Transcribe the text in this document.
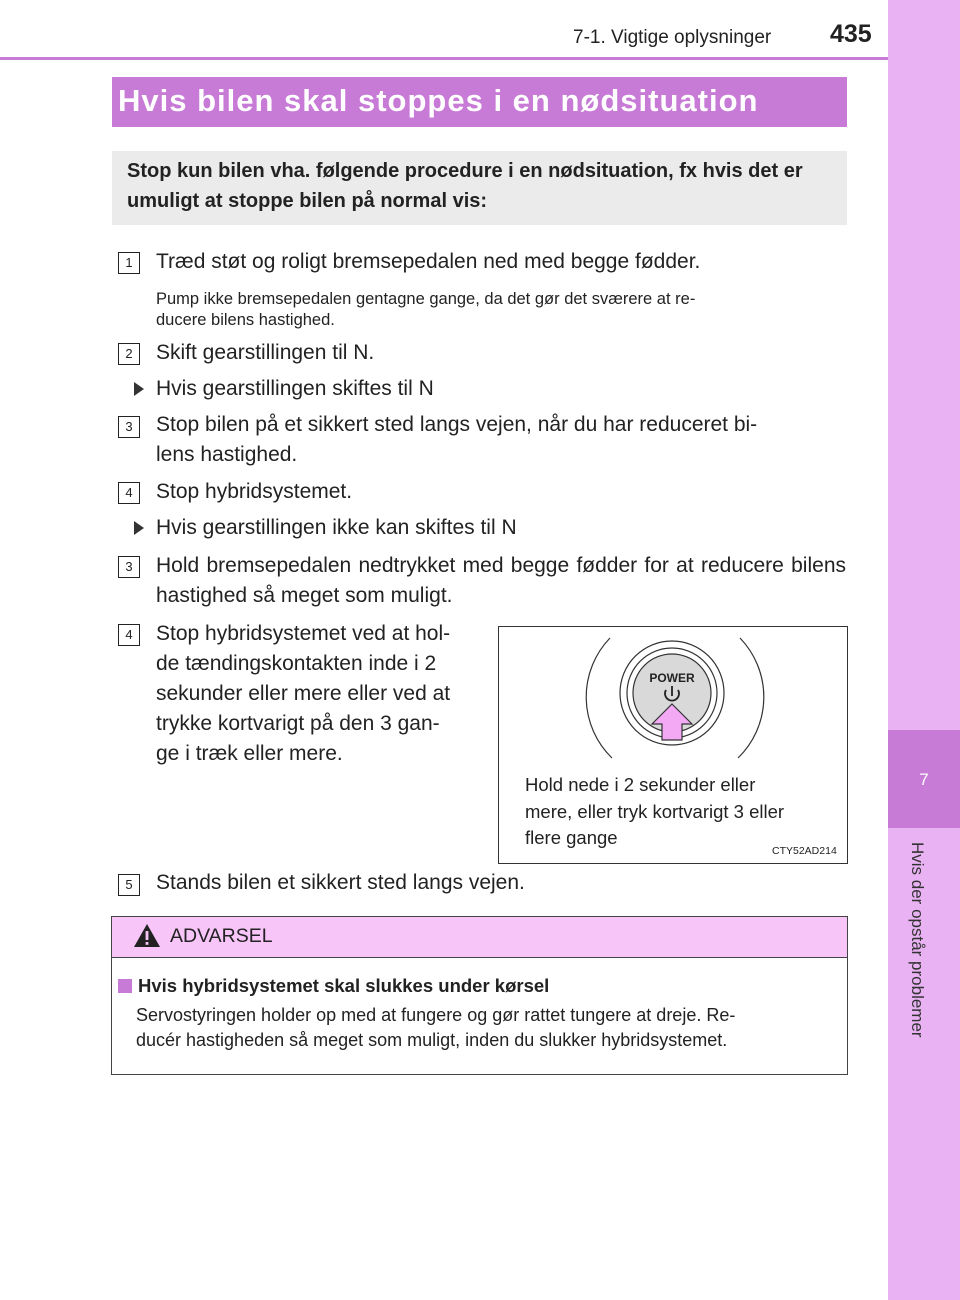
7-1. Vigtige oplysninger 435
7
Hvis der opstår problemer
Hvis bilen skal stoppes i en nødsituation
Stop kun bilen vha. følgende procedure i en nødsituation, fx hvis det er umuligt at stoppe bilen på normal vis:
1	Træd støt og roligt bremsepedalen ned med begge fødder.
Pump ikke bremsepedalen gentagne gange, da det gør det sværere at re-
ducere bilens hastighed.
2	Skift gearstillingen til N.
Hvis gearstillingen skiftes til N
3	Stop bilen på et sikkert sted langs vejen, når du har reduceret bi-
lens hastighed.
4	Stop hybridsystemet.
Hvis gearstillingen ikke kan skiftes til N
3	Hold bremsepedalen nedtrykket med begge fødder for at reducere bilens hastighed så meget som muligt.
4	Stop hybridsystemet ved at hol-
de tændingskontakten inde i 2
sekunder eller mere eller ved at
trykke kortvarigt på den 3 gan-
ge i træk eller mere.
POWER
Hold nede i 2 sekunder eller
mere, eller tryk kortvarigt 3 eller
flere gange
CTY52AD214
5	Stands bilen et sikkert sted langs vejen.
ADVARSEL
Hvis hybridsystemet skal slukkes under kørsel
Servostyringen holder op med at fungere og gør rattet tungere at dreje. Re-
ducér hastigheden så meget som muligt, inden du slukker hybridsystemet.
